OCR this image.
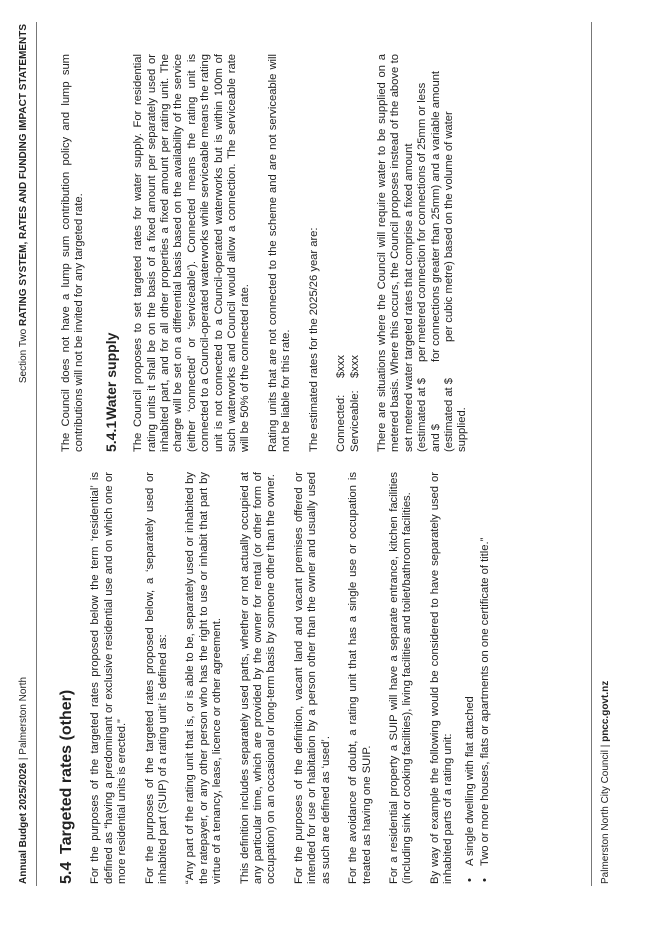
Annual Budget 2025/2026 | Palmerston North
Section Two RATING SYSTEM, RATES AND FUNDING IMPACT STATEMENTS
5.4
Targeted rates (other) For the purposes of the targeted rates proposed below the term ‘residential’ is defined as “having a predominant or exclusive residential use and on which one or more residential units is erected.” For the purposes of the targeted rates proposed below, a ‘separately used or inhabited part (SUIP) of a rating unit’ is defined as: “Any part of the rating unit that is, or is able to be, separately used or inhabited by the ratepayer, or any other person who has the right to use or inhabit that part by virtue of a tenancy, lease, licence or other agreement. This definition includes separately used parts, whether or not actually occupied at any particular time, which are provided by the owner for rental (or other form of occupation) on an occasional or long-term basis by someone other than the owner. For the purposes of the definition, vacant land and vacant premises offered or intended for use or habitation by a person other than the owner and usually used as such are defined as ‘used’. For the avoidance of doubt, a rating unit that has a single use or occupation is treated as having one SUIP. For a residential property a SUIP will have a separate entrance, kitchen facilities (including sink or cooking facilities), living facilities and toilet/bathroom facilities. By way of example the following would be considered to have separately used or inhabited parts of a rating unit: • A single dwelling with flat attached • Two or more houses, flats or apartments on one certificate of title.”

The Council does not have a lump sum contribution policy and lump sum contributions will not be invited for any targeted rate. 5.4.1
Water supply The Council proposes to set targeted rates for water supply. For residential rating units it shall be on the basis of a fixed amount per separately used or inhabited part, and for all other properties a fixed amount per rating unit. The charge will be set on a differential basis based on the availability of the service (either ‘connected’ or ‘serviceable’). Connected means the rating unit is connected to a Council-operated waterworks while serviceable means the rating unit is not connected to a Council-operated waterworks but is within 100m of such waterworks and Council would allow a connection. The serviceable rate will be 50% of the connected rate. Rating units that are not connected to the scheme and are not serviceable will not be liable for this rate. The estimated rates for the 2025/26 year are: Connected:
$xxx
Serviceable:
$xxx There are situations where the Council will require water to be supplied on a metered basis. Where this occurs, the Council proposes instead of the above to set metered water targeted rates that comprise a fixed amount (estimated at $
per metered connection for connections of 25mm or less
and $
for connections greater than 25mm) and a variable amount
(estimated at $
per cubic metre) based on the volume of water
supplied.
Palmerston North City Council | pncc.govt.nz
